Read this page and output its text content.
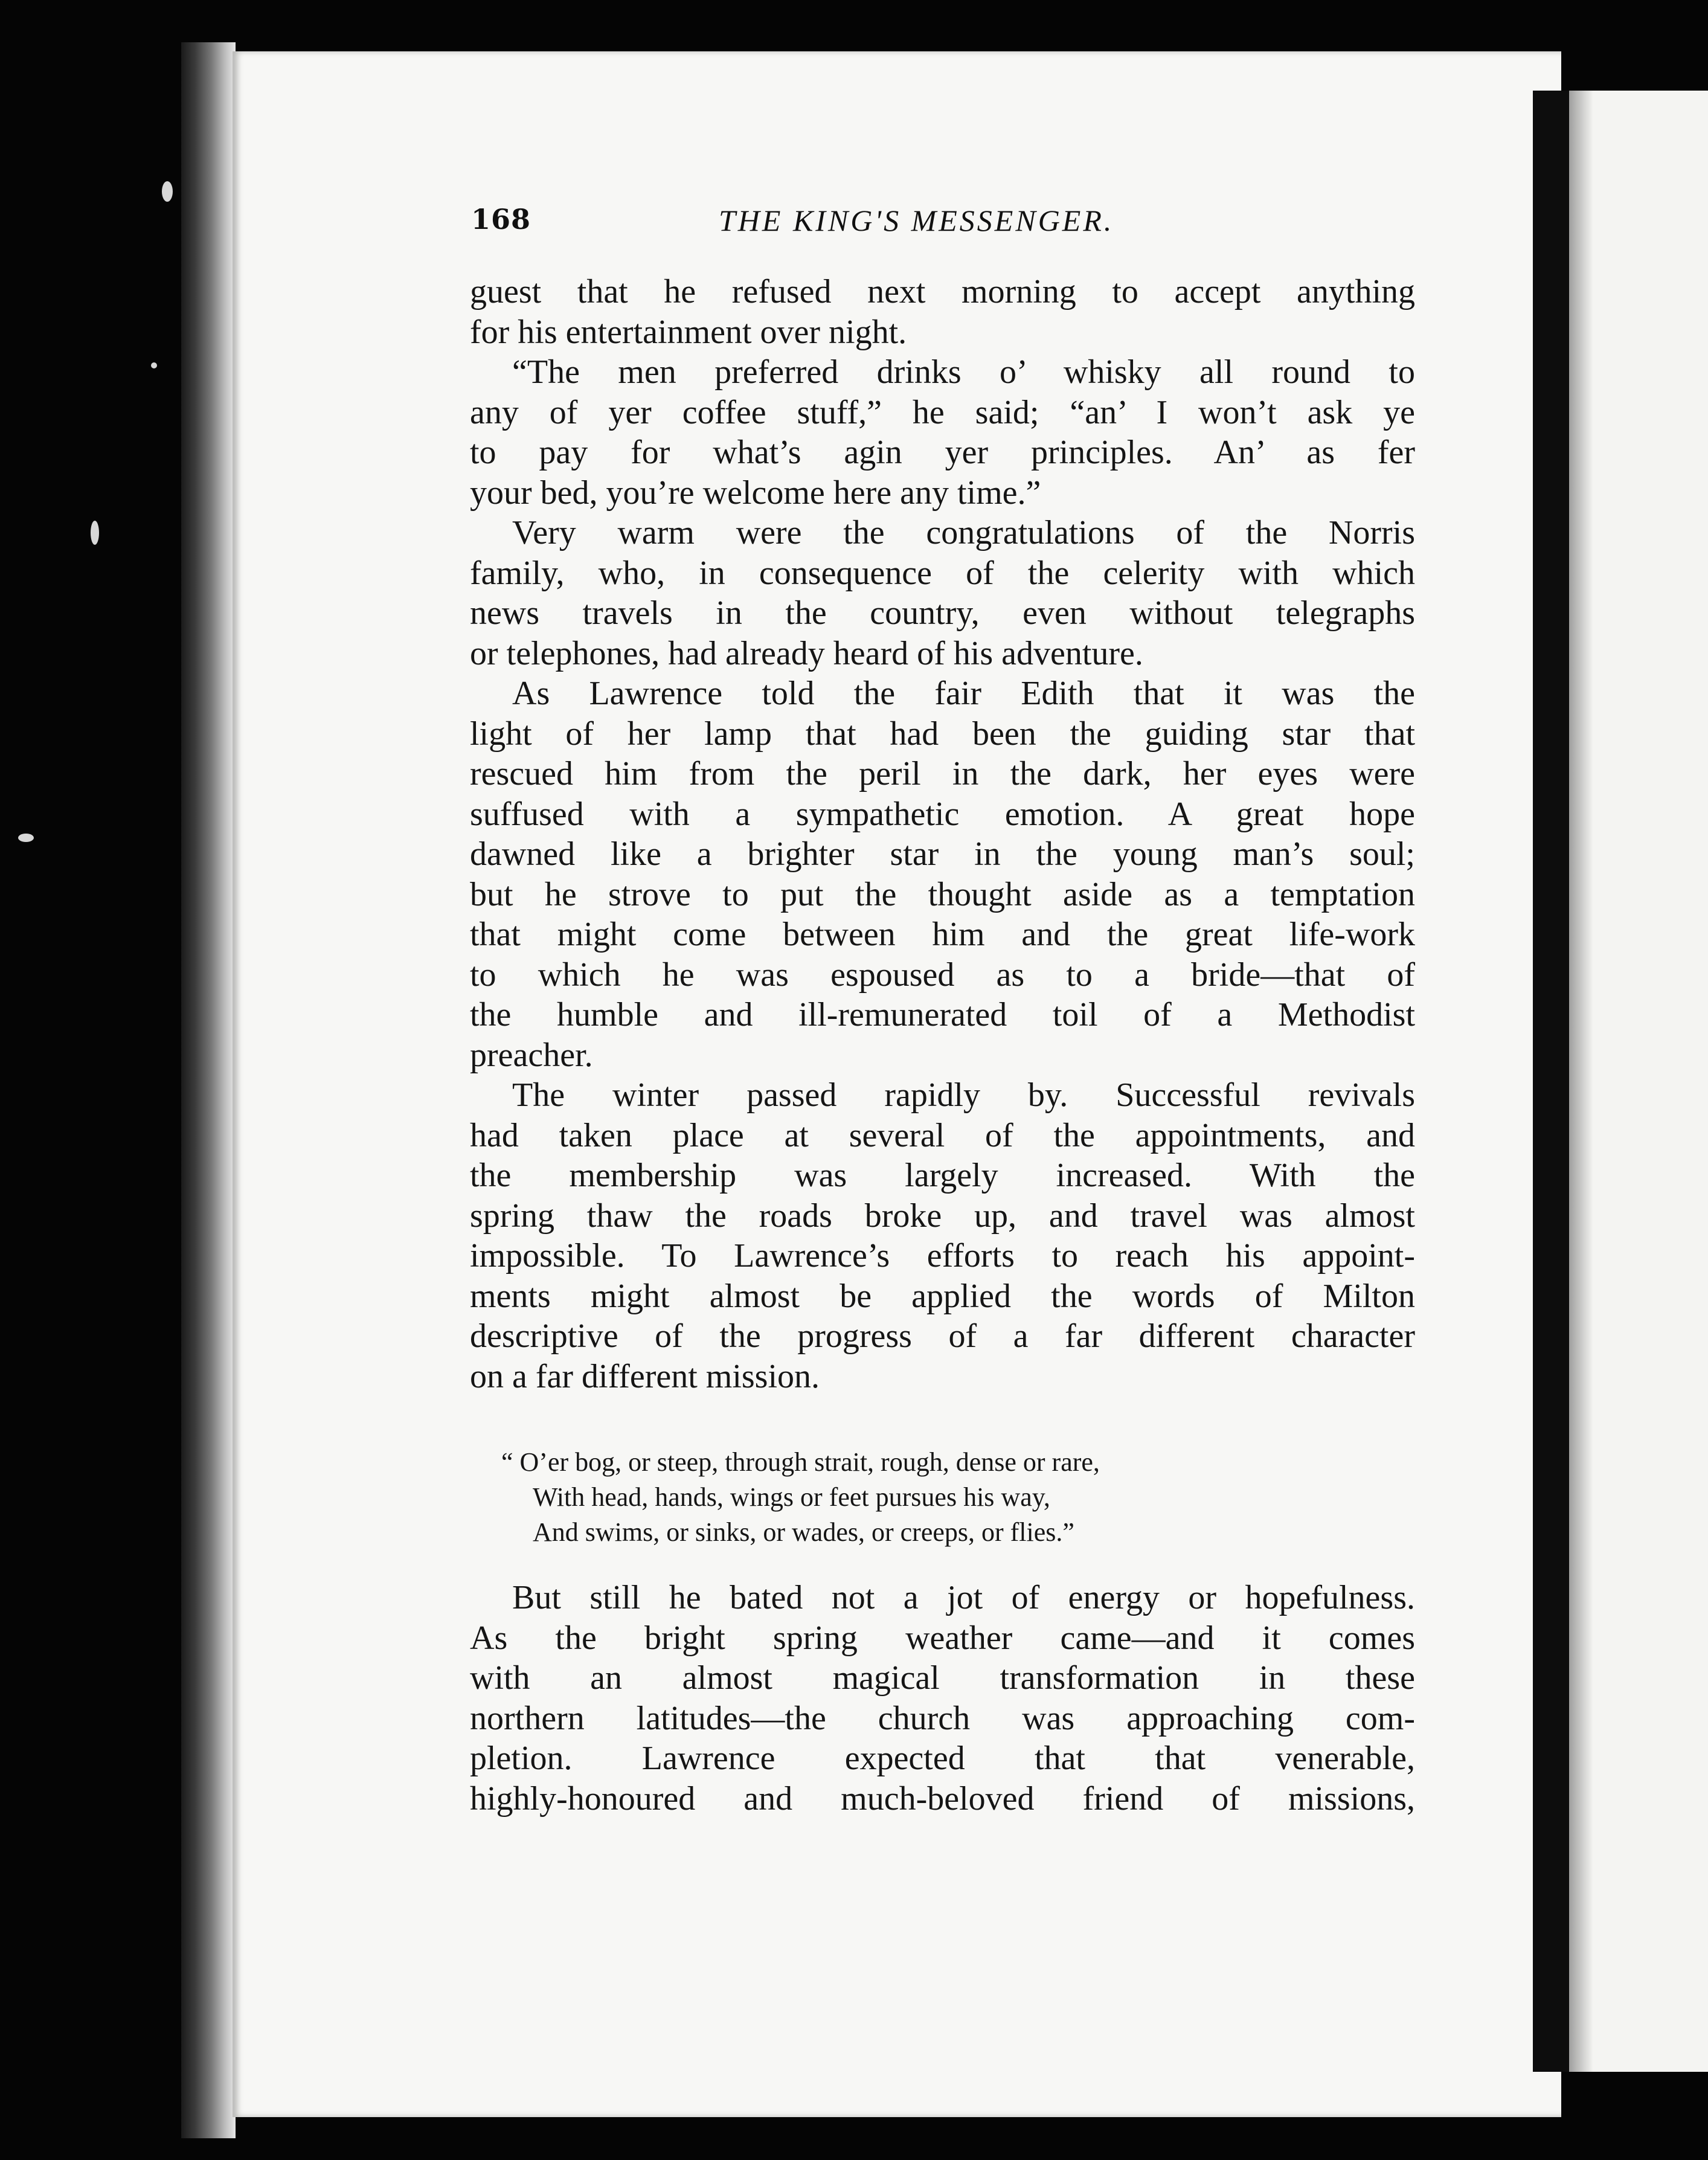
168	THE KING'S MESSENGER.
guest that he refused next morning to accept anything
for his entertainment over night.
“The men preferred drinks o’ whisky all round to
any of yer coffee stuff,” he said; “an’ I won’t ask ye
to pay for what’s agin yer principles. An’ as fer
your bed, you’re welcome here any time.”
Very warm were the congratulations of the Norris
family, who, in consequence of the celerity with which
news travels in the country, even without telegraphs
or telephones, had already heard of his adventure.
As Lawrence told the fair Edith that it was the
light of her lamp that had been the guiding star that
rescued him from the peril in the dark, her eyes were
suffused with a sympathetic emotion. A great hope
dawned like a brighter star in the young man’s soul;
but he strove to put the thought aside as a temptation
that might come between him and the great life-work
to which he was espoused as to a bride—that of
the humble and ill-remunerated toil of a Methodist
preacher.
The winter passed rapidly by. Successful revivals
had taken place at several of the appointments, and
the membership was largely increased. With the
spring thaw the roads broke up, and travel was almost
impossible. To Lawrence’s efforts to reach his appoint-
ments might almost be applied the words of Milton
descriptive of the progress of a far different character
on a far different mission.
“ O’er bog, or steep, through strait, rough, dense or rare,
With head, hands, wings or feet pursues his way,
And swims, or sinks, or wades, or creeps, or flies.”
But still he bated not a jot of energy or hopefulness.
As the bright spring weather came—and it comes
with an almost magical transformation in these
northern latitudes—the church was approaching com-
pletion. Lawrence expected that that venerable,
highly-honoured and much-beloved friend of missions,
